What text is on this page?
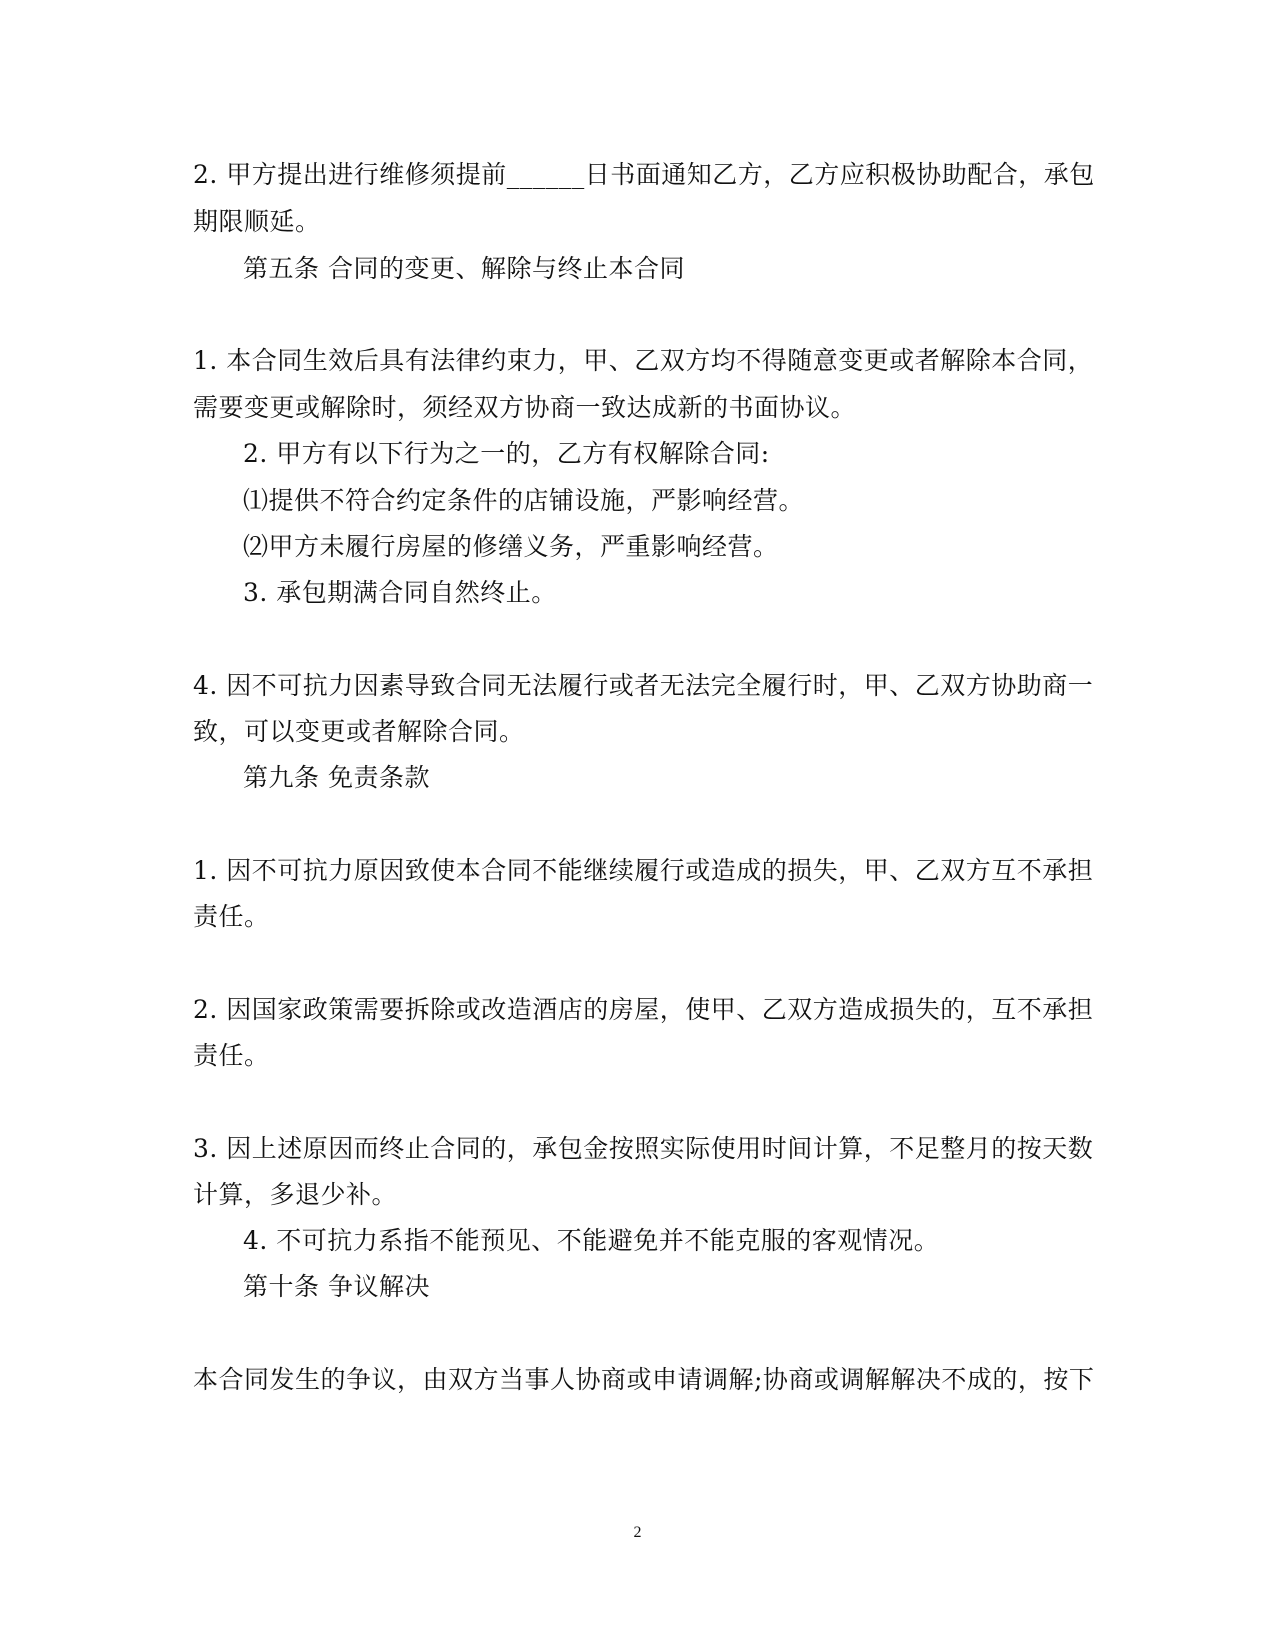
2. 甲方提出进行维修须提前______日书面通知乙方，乙方应积极协助配合，承包
期限顺延。
第五条 合同的变更、解除与终止本合同
1. 本合同生效后具有法律约束力，甲、乙双方均不得随意变更或者解除本合同，
需要变更或解除时，须经双方协商一致达成新的书面协议。
2. 甲方有以下行为之一的，乙方有权解除合同:
⑴提供不符合约定条件的店铺设施，严影响经营。
⑵甲方未履行房屋的修缮义务，严重影响经营。
3. 承包期满合同自然终止。
4. 因不可抗力因素导致合同无法履行或者无法完全履行时，甲、乙双方协助商一
致，可以变更或者解除合同。
第九条 免责条款
1. 因不可抗力原因致使本合同不能继续履行或造成的损失，甲、乙双方互不承担
责任。
2. 因国家政策需要拆除或改造酒店的房屋，使甲、乙双方造成损失的，互不承担
责任。
3. 因上述原因而终止合同的，承包金按照实际使用时间计算，不足整月的按天数
计算，多退少补。
4. 不可抗力系指不能预见、不能避免并不能克服的客观情况。
第十条 争议解决
本合同发生的争议，由双方当事人协商或申请调解;协商或调解解决不成的，按下
2
